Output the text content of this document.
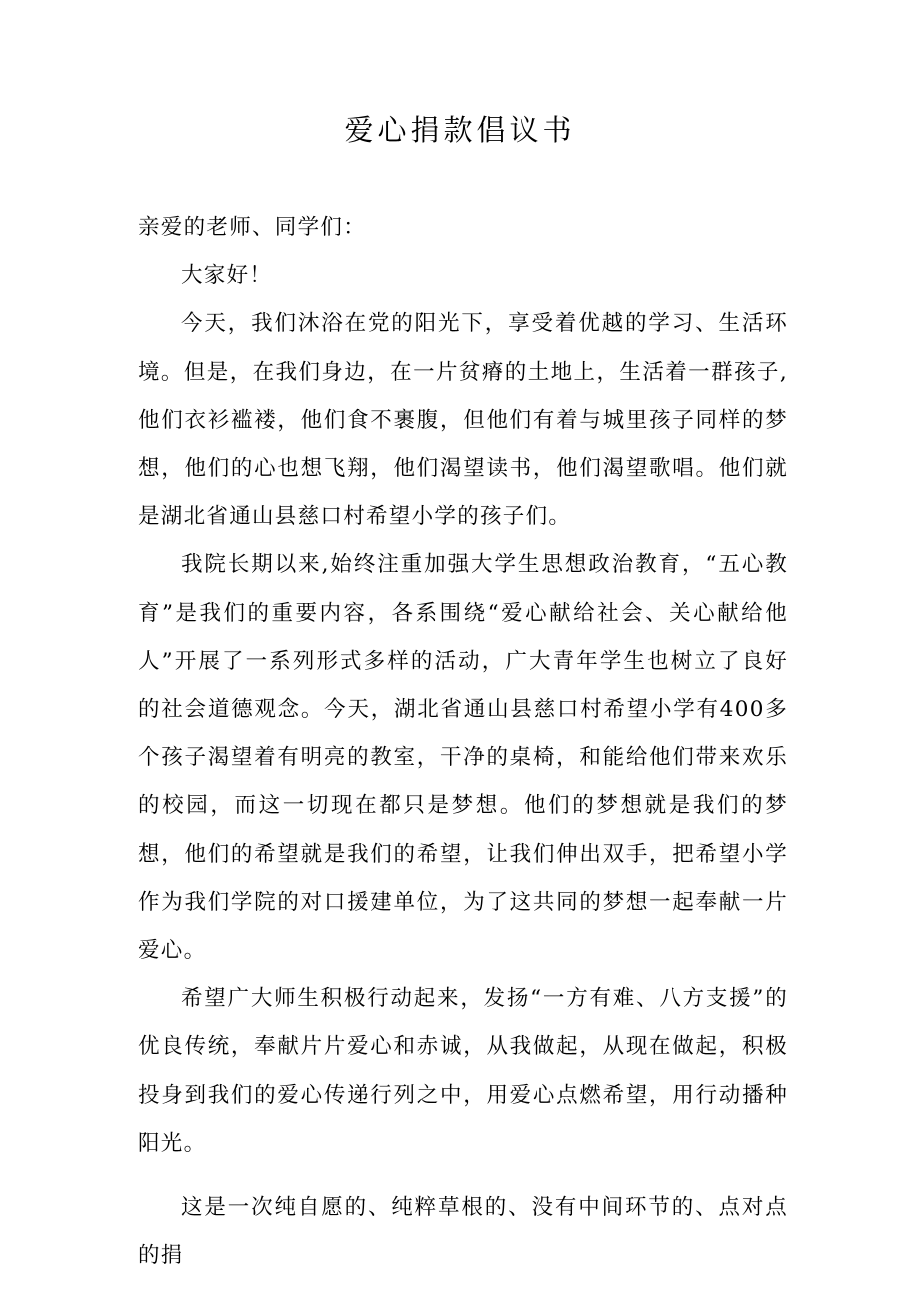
爱心捐款倡议书

亲爱的老师、同学们：

大家好！

今天，我们沐浴在党的阳光下，享受着优越的学习、生活环境。但是，在我们身边，在一片贫瘠的土地上，生活着一群孩子,他们衣衫褴褛，他们食不裹腹，但他们有着与城里孩子同样的梦想，他们的心也想飞翔，他们渴望读书，他们渴望歌唱。他们就是湖北省通山县慈口村希望小学的孩子们。

我院长期以来,始终注重加强大学生思想政治教育，“五心教育”是我们的重要内容，各系围绕“爱心献给社会、关心献给他人”开展了一系列形式多样的活动，广大青年学生也树立了良好的社会道德观念。今天，湖北省通山县慈口村希望小学有400多个孩子渴望着有明亮的教室，干净的桌椅，和能给他们带来欢乐的校园，而这一切现在都只是梦想。他们的梦想就是我们的梦想，他们的希望就是我们的希望，让我们伸出双手，把希望小学作为我们学院的对口援建单位，为了这共同的梦想一起奉献一片爱心。

希望广大师生积极行动起来，发扬“一方有难、八方支援”的优良传统，奉献片片爱心和赤诚，从我做起，从现在做起，积极投身到我们的爱心传递行列之中，用爱心点燃希望，用行动播种阳光。

这是一次纯自愿的、纯粹草根的、没有中间环节的、点对点的捐
